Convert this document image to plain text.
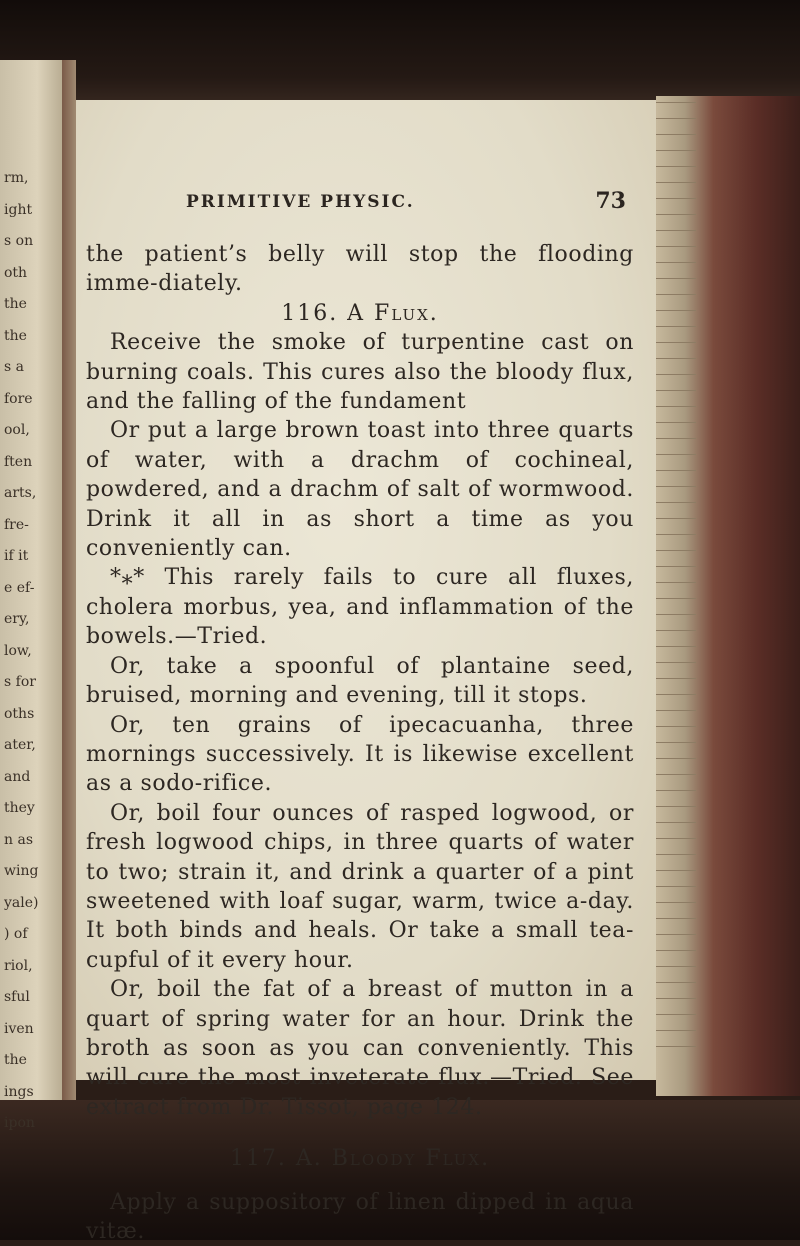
rm,
ight
s on
oth
the
the
s a
fore
ool,
ften
arts,
fre-
if it
e ef-
ery,
low,
s for
oths
ater,
and
they
n as
wing
yale)
) of
riol,
sful
iven
the
ings
ipon
PRIMITIVE PHYSIC.	73

the patient’s belly will stop the flooding imme-diately.

116. A Flux.

Receive the smoke of turpentine cast on burning coals. This cures also the bloody flux, and the falling of the fundament

Or put a large brown toast into three quarts of water, with a drachm of cochineal, powdered, and a drachm of salt of wormwood. Drink it all in as short a time as you conveniently can.

*⁎* This rarely fails to cure all fluxes, cholera morbus, yea, and inflammation of the bowels.—Tried.

Or, take a spoonful of plantaine seed, bruised, morning and evening, till it stops.

Or, ten grains of ipecacuanha, three mornings successively. It is likewise excellent as a sodo-rifice.

Or, boil four ounces of rasped logwood, or fresh logwood chips, in three quarts of water to two; strain it, and drink a quarter of a pint sweetened with loaf sugar, warm, twice a-day. It both binds and heals. Or take a small tea-cupful of it every hour.

Or, boil the fat of a breast of mutton in a quart of spring water for an hour. Drink the broth as soon as you can conveniently. This will cure the most inveterate flux.—Tried. See extract from Dr. Tissot, page 124.

117. A. Bloody Flux.

Apply a suppository of linen dipped in aqua vitæ.
